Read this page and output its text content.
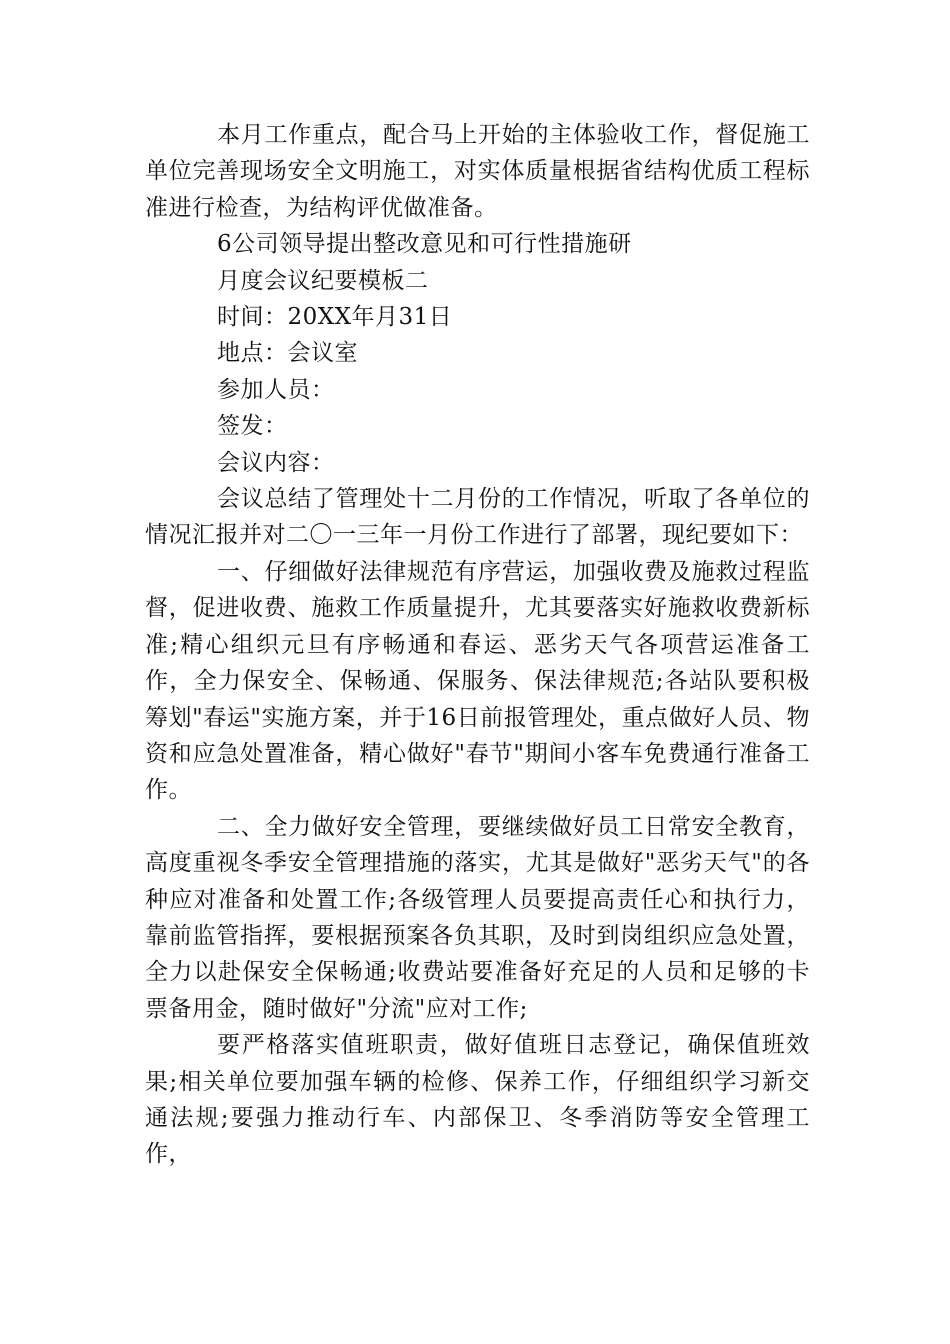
本月工作重点，配合马上开始的主体验收工作，督促施工单位完善现场安全文明施工，对实体质量根据省结构优质工程标准进行检查，为结构评优做准备。

6公司领导提出整改意见和可行性措施研

月度会议纪要模板二

时间：20XX年月31日

地点：会议室

参加人员：

签发：

会议内容：

会议总结了管理处十二月份的工作情况，听取了各单位的情况汇报并对二〇一三年一月份工作进行了部署，现纪要如下：

一、仔细做好法律规范有序营运，加强收费及施救过程监督，促进收费、施救工作质量提升，尤其要落实好施救收费新标准;精心组织元旦有序畅通和春运、恶劣天气各项营运准备工作，全力保安全、保畅通、保服务、保法律规范;各站队要积极筹划"春运"实施方案，并于16日前报管理处，重点做好人员、物资和应急处置准备，精心做好"春节"期间小客车免费通行准备工作。

二、全力做好安全管理，要继续做好员工日常安全教育，高度重视冬季安全管理措施的落实，尤其是做好"恶劣天气"的各种应对准备和处置工作;各级管理人员要提高责任心和执行力，靠前监管指挥，要根据预案各负其职，及时到岗组织应急处置，全力以赴保安全保畅通;收费站要准备好充足的人员和足够的卡票备用金，随时做好"分流"应对工作;

要严格落实值班职责，做好值班日志登记，确保值班效果;相关单位要加强车辆的检修、保养工作，仔细组织学习新交通法规;要强力推动行车、内部保卫、冬季消防等安全管理工作，
